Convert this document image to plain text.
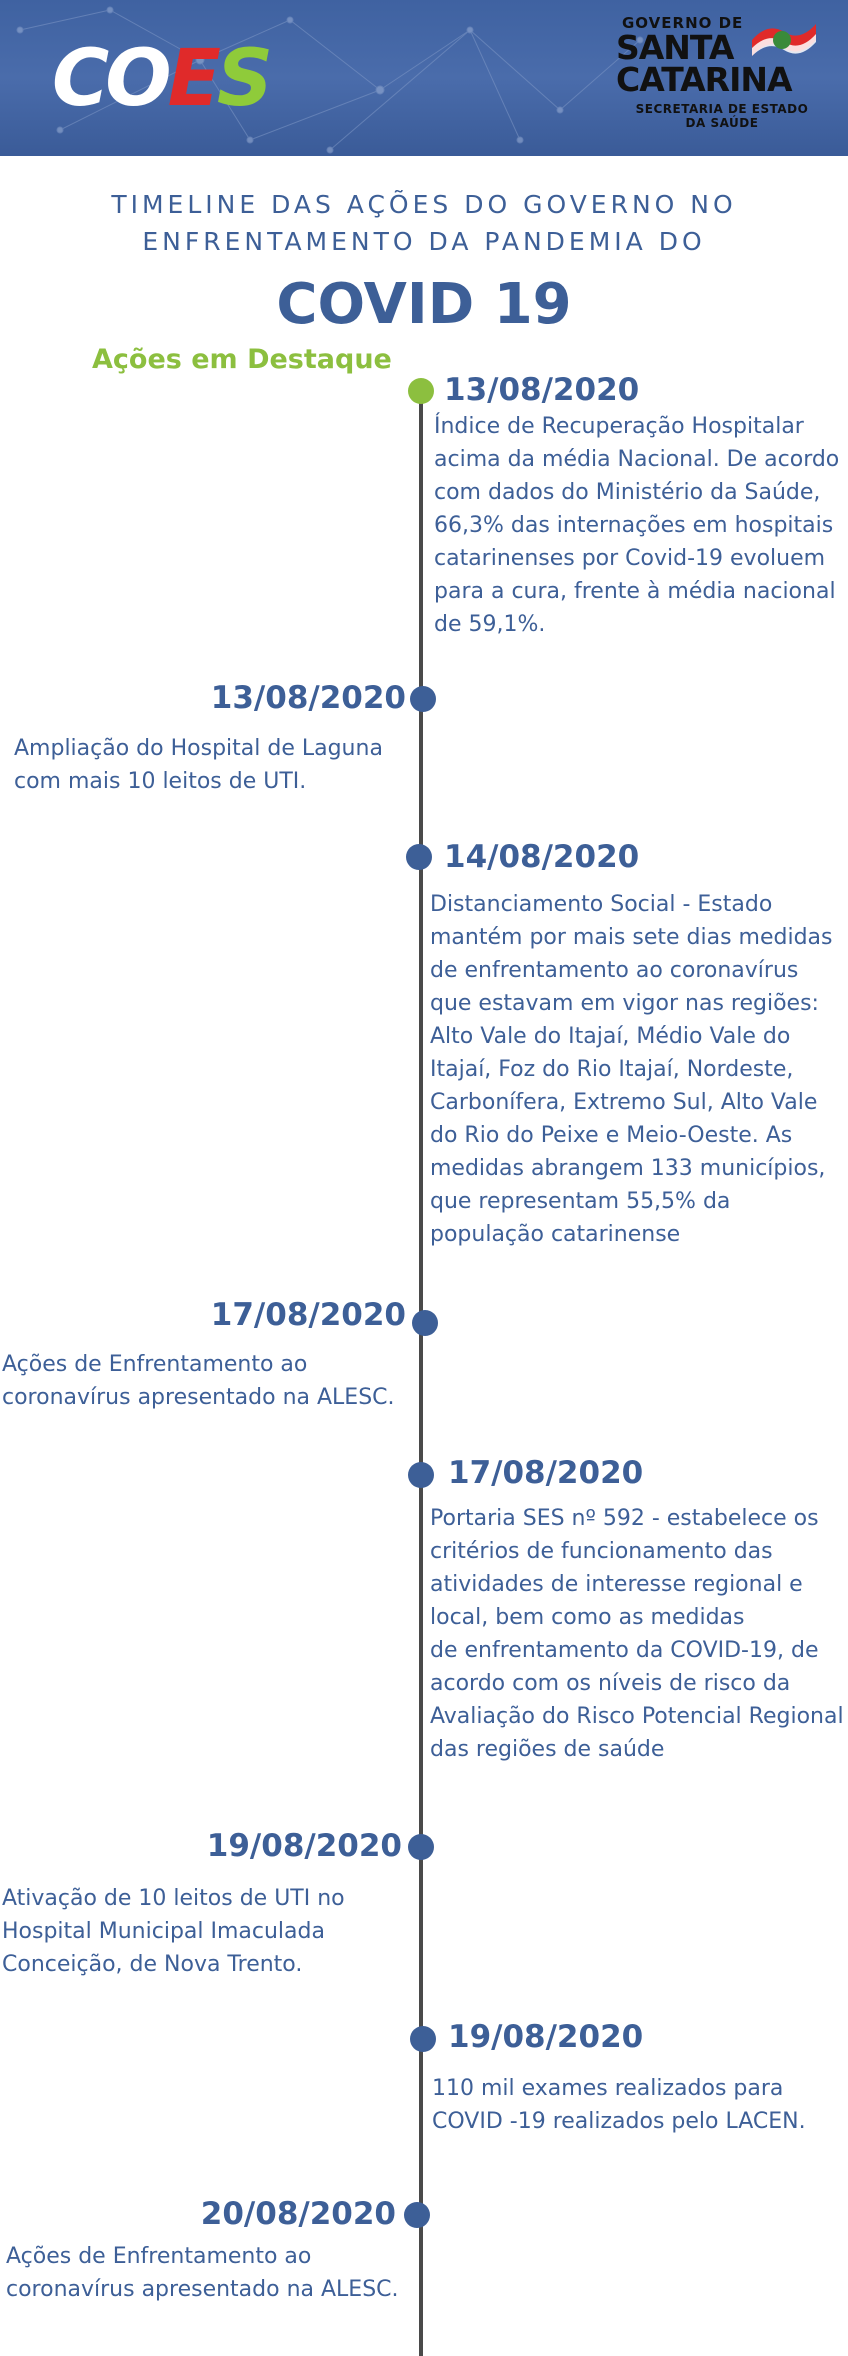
COES
GOVERNO DE
SANTA
CATARINA
SECRETARIA DE ESTADO
DA SAÚDE
TIMELINE DAS AÇÕES DO GOVERNO NO
ENFRENTAMENTO DA PANDEMIA DO
COVID 19
Ações em Destaque
13/08/2020
Índice de Recuperação Hospitalar
acima da média Nacional. De acordo
com dados do Ministério da Saúde,
66,3% das internações em hospitais
catarinenses por Covid-19 evoluem
para a cura, frente à média nacional
de 59,1%.
13/08/2020
Ampliação do Hospital de Laguna
com mais 10 leitos de UTI.
14/08/2020
Distanciamento Social - Estado
mantém por mais sete dias medidas
de enfrentamento ao coronavírus
que estavam em vigor nas regiões:
Alto Vale do Itajaí, Médio Vale do
Itajaí, Foz do Rio Itajaí, Nordeste,
Carbonífera, Extremo Sul, Alto Vale
do Rio do Peixe e Meio-Oeste. As
medidas abrangem 133 municípios,
que representam 55,5% da
população catarinense
17/08/2020
Ações de Enfrentamento ao
coronavírus apresentado na ALESC.
17/08/2020
Portaria SES nº 592 - estabelece os
critérios de funcionamento das
atividades de interesse regional e
local, bem como as medidas
de enfrentamento da COVID-19, de
acordo com os níveis de risco da
Avaliação do Risco Potencial Regional
das regiões de saúde
19/08/2020
Ativação de 10 leitos de UTI no
Hospital Municipal Imaculada
Conceição, de Nova Trento.
19/08/2020
110 mil exames realizados para
COVID -19 realizados pelo LACEN.
20/08/2020
Ações de Enfrentamento ao
coronavírus apresentado na ALESC.
